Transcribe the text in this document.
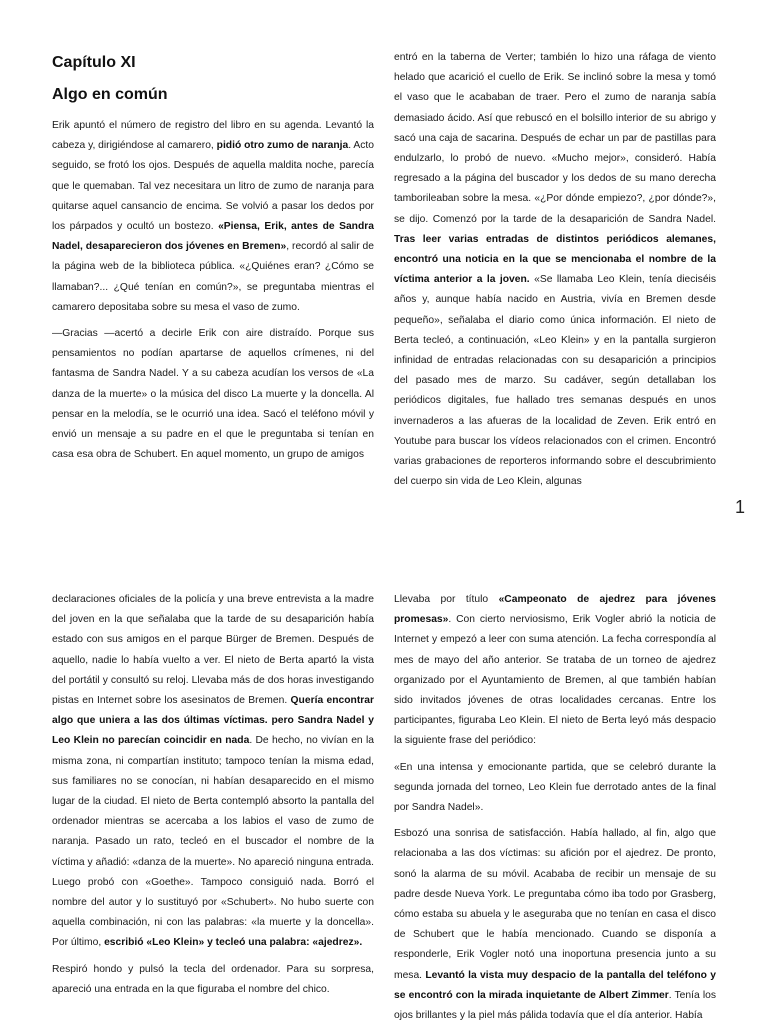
Capítulo XI
Algo en común

Erik apuntó el número de registro del libro en su agenda. Levantó la cabeza y, dirigiéndose al camarero, pidió otro zumo de naranja. Acto seguido, se frotó los ojos. Después de aquella maldita noche, parecía que le quemaban. Tal vez necesitara un litro de zumo de naranja para quitarse aquel cansancio de encima. Se volvió a pasar los dedos por los párpados y ocultó un bostezo. «Piensa, Erik, antes de Sandra Nadel, desaparecieron dos jóvenes en Bremen», recordó al salir de la página web de la biblioteca pública. «¿Quiénes eran? ¿Cómo se llamaban?... ¿Qué tenían en común?», se preguntaba mientras el camarero depositaba sobre su mesa el vaso de zumo.

—Gracias —acertó a decirle Erik con aire distraído. Porque sus pensamientos no podían apartarse de aquellos crímenes, ni del fantasma de Sandra Nadel. Y a su cabeza acudían los versos de «La danza de la muerte» o la música del disco La muerte y la doncella. Al pensar en la melodía, se le ocurrió una idea. Sacó el teléfono móvil y envió un mensaje a su padre en el que le preguntaba si tenían en casa esa obra de Schubert. En aquel momento, un grupo de amigos

entró en la taberna de Verter; también lo hizo una ráfaga de viento helado que acarició el cuello de Erik. Se inclinó sobre la mesa y tomó el vaso que le acababan de traer. Pero el zumo de naranja sabía demasiado ácido. Así que rebuscó en el bolsillo interior de su abrigo y sacó una caja de sacarina. Después de echar un par de pastillas para endulzarlo, lo probó de nuevo. «Mucho mejor», consideró. Había regresado a la página del buscador y los dedos de su mano derecha tamborileaban sobre la mesa. «¿Por dónde empiezo?, ¿por dónde?», se dijo. Comenzó por la tarde de la desaparición de Sandra Nadel. Tras leer varias entradas de distintos periódicos alemanes, encontró una noticia en la que se mencionaba el nombre de la víctima anterior a la joven. «Se llamaba Leo Klein, tenía dieciséis años y, aunque había nacido en Austria, vivía en Bremen desde pequeño», señalaba el diario como única información. El nieto de Berta tecleó, a continuación, «Leo Klein» y en la pantalla surgieron infinidad de entradas relacionadas con su desaparición a principios del pasado mes de marzo. Su cadáver, según detallaban los periódicos digitales, fue hallado tres semanas después en unos invernaderos a las afueras de la localidad de Zeven. Erik entró en Youtube para buscar los vídeos relacionados con el crimen. Encontró varias grabaciones de reporteros informando sobre el descubrimiento del cuerpo sin vida de Leo Klein, algunas

1

declaraciones oficiales de la policía y una breve entrevista a la madre del joven en la que señalaba que la tarde de su desaparición había estado con sus amigos en el parque Bürger de Bremen. Después de aquello, nadie lo había vuelto a ver. El nieto de Berta apartó la vista del portátil y consultó su reloj. Llevaba más de dos horas investigando pistas en Internet sobre los asesinatos de Bremen. Quería encontrar algo que uniera a las dos últimas víctimas. pero Sandra Nadel y Leo Klein no parecían coincidir en nada. De hecho, no vivían en la misma zona, ni compartían instituto; tampoco tenían la misma edad, sus familiares no se conocían, ni habían desaparecido en el mismo lugar de la ciudad. El nieto de Berta contempló absorto la pantalla del ordenador mientras se acercaba a los labios el vaso de zumo de naranja. Pasado un rato, tecleó en el buscador el nombre de la víctima y añadió: «danza de la muerte». No apareció ninguna entrada. Luego probó con «Goethe». Tampoco consiguió nada. Borró el nombre del autor y lo sustituyó por «Schubert». No hubo suerte con aquella combinación, ni con las palabras: «la muerte y la doncella». Por último, escribió «Leo Klein» y tecleó una palabra: «ajedrez».

Respiró hondo y pulsó la tecla del ordenador. Para su sorpresa, apareció una entrada en la que figuraba el nombre del chico.

Llevaba por título «Campeonato de ajedrez para jóvenes promesas». Con cierto nerviosismo, Erik Vogler abrió la noticia de Internet y empezó a leer con suma atención. La fecha correspondía al mes de mayo del año anterior. Se trataba de un torneo de ajedrez organizado por el Ayuntamiento de Bremen, al que también habían sido invitados jóvenes de otras localidades cercanas. Entre los participantes, figuraba Leo Klein. El nieto de Berta leyó más despacio la siguiente frase del periódico:

«En una intensa y emocionante partida, que se celebró durante la segunda jornada del torneo, Leo Klein fue derrotado antes de la final por Sandra Nadel».

Esbozó una sonrisa de satisfacción. Había hallado, al fin, algo que relacionaba a las dos víctimas: su afición por el ajedrez. De pronto, sonó la alarma de su móvil. Acababa de recibir un mensaje de su padre desde Nueva York. Le preguntaba cómo iba todo por Grasberg, cómo estaba su abuela y le aseguraba que no tenían en casa el disco de Schubert que le había mencionado. Cuando se disponía a responderle, Erik Vogler notó una inoportuna presencia junto a su mesa. Levantó la vista muy despacio de la pantalla del teléfono y se encontró con la mirada inquietante de Albert Zimmer. Tenía los ojos brillantes y la piel más pálida todavía que el día anterior. Había
